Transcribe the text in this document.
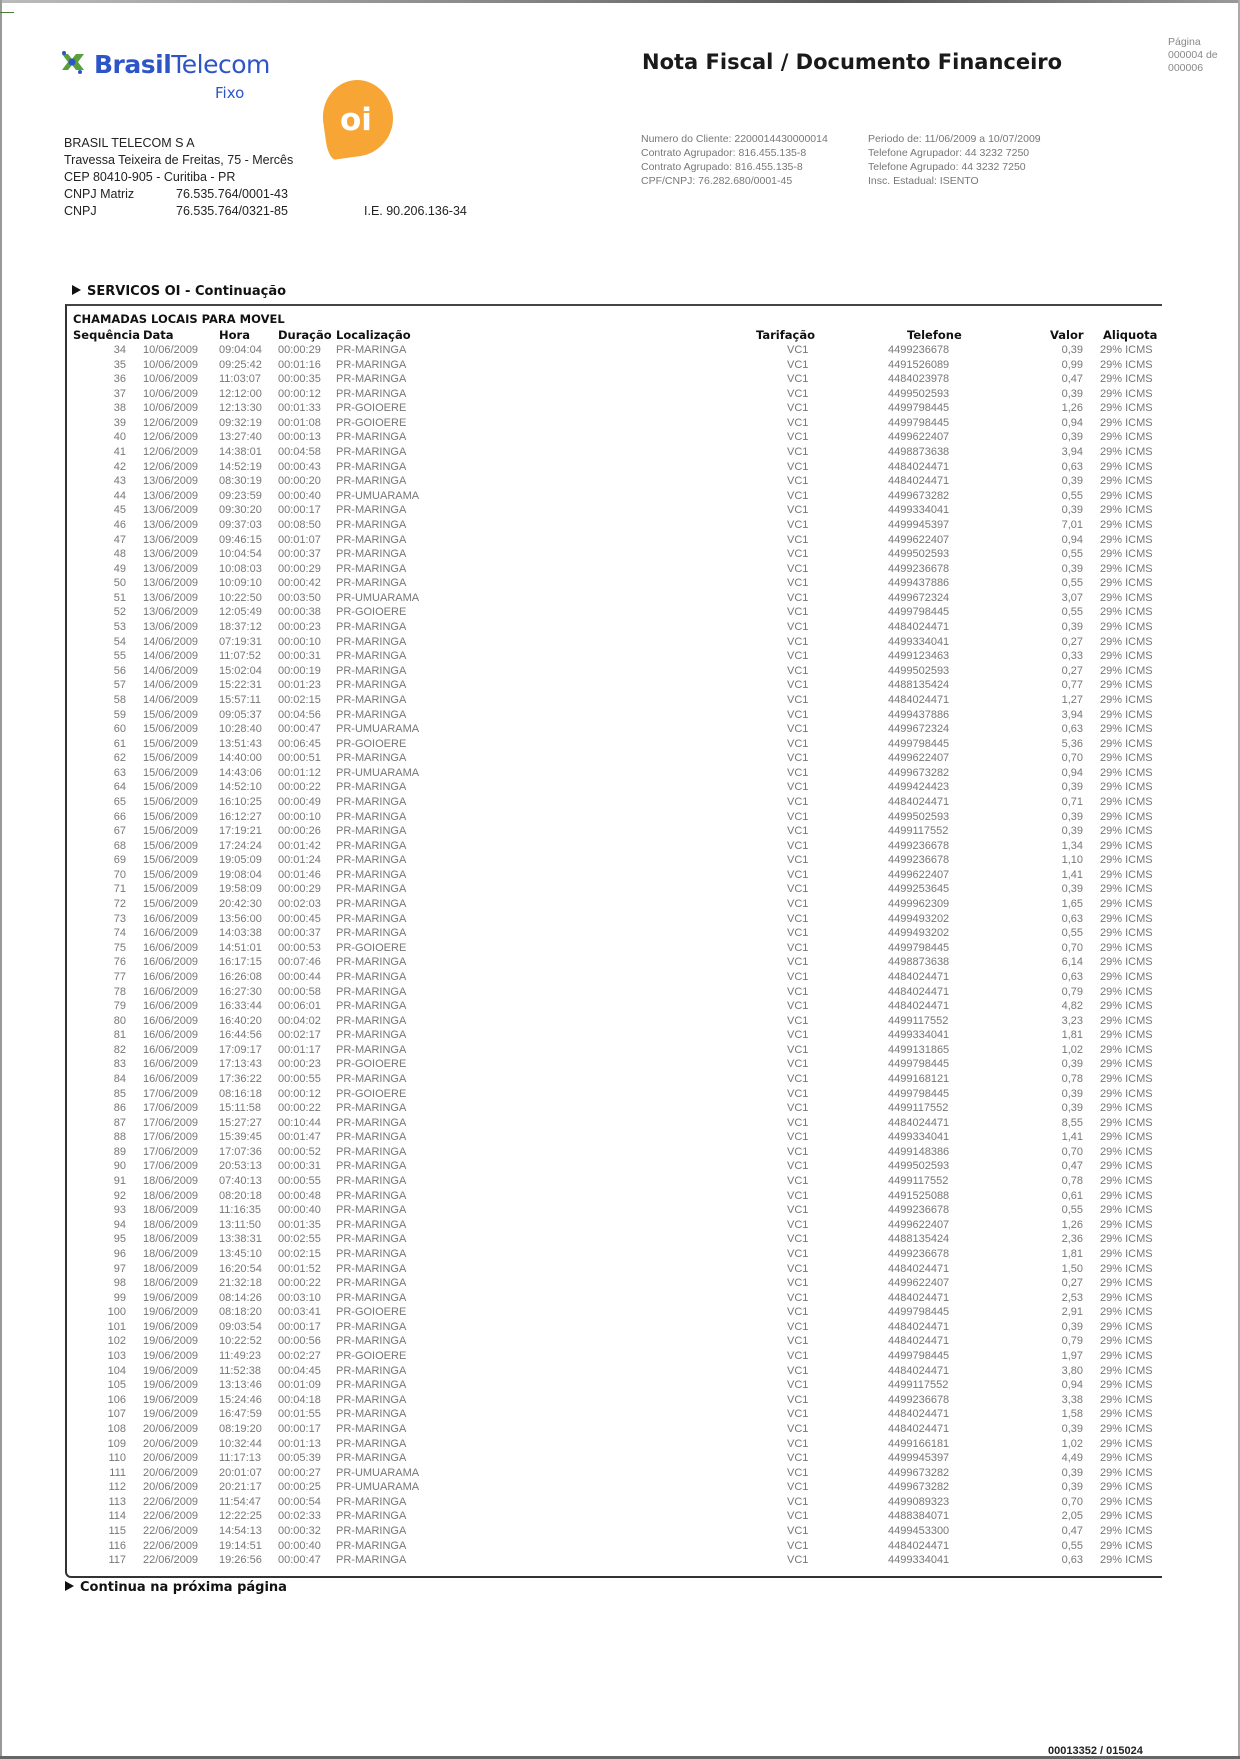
BrasilTelecom
Fixo
oi
BRASIL TELECOM S A
Travessa Teixeira de Freitas, 75 - Mercês
CEP 80410-905 - Curitiba - PR
CNPJ Matriz	76.535.764/0001-43
CNPJ	76.535.764/0321-85	I.E. 90.206.136-34
Nota Fiscal / Documento Financeiro
Página
000004 de
000006
Numero do Cliente: 2200014430000014
Contrato Agrupador: 816.455.135-8
Contrato Agrupado: 816.455.135-8
CPF/CNPJ: 76.282.680/0001-45
Periodo de: 11/06/2009 a 10/07/2009
Telefone Agrupador: 44 3232 7250
Telefone Agrupado: 44 3232 7250
Insc. Estadual: ISENTO
SERVICOS OI - Continuação
CHAMADAS LOCAIS PARA MOVEL
Sequência Data	Hora Duração Localização	Tarifação	Telefone	Valor Aliquota
34 10/06/2009 09:04:04 00:00:29 PR-MARINGA	VC1	4499236678	0,39 29% ICMS
35 10/06/2009 09:25:42 00:01:16 PR-MARINGA	VC1	4491526089	0,99 29% ICMS
36 10/06/2009 11:03:07 00:00:35 PR-MARINGA	VC1	4484023978	0,47 29% ICMS
37 10/06/2009 12:12:00 00:00:12 PR-MARINGA	VC1	4499502593	0,39 29% ICMS
38 10/06/2009 12:13:30 00:01:33 PR-GOIOERE	VC1	4499798445	1,26 29% ICMS
39 12/06/2009 09:32:19 00:01:08 PR-GOIOERE	VC1	4499798445	0,94 29% ICMS
40 12/06/2009 13:27:40 00:00:13 PR-MARINGA	VC1	4499622407	0,39 29% ICMS
41 12/06/2009 14:38:01 00:04:58 PR-MARINGA	VC1	4498873638	3,94 29% ICMS
42 12/06/2009 14:52:19 00:00:43 PR-MARINGA	VC1	4484024471	0,63 29% ICMS
43 13/06/2009 08:30:19 00:00:20 PR-MARINGA	VC1	4484024471	0,39 29% ICMS
44 13/06/2009 09:23:59 00:00:40 PR-UMUARAMA	VC1	4499673282	0,55 29% ICMS
45 13/06/2009 09:30:20 00:00:17 PR-MARINGA	VC1	4499334041	0,39 29% ICMS
46 13/06/2009 09:37:03 00:08:50 PR-MARINGA	VC1	4499945397	7,01 29% ICMS
47 13/06/2009 09:46:15 00:01:07 PR-MARINGA	VC1	4499622407	0,94 29% ICMS
48 13/06/2009 10:04:54 00:00:37 PR-MARINGA	VC1	4499502593	0,55 29% ICMS
49 13/06/2009 10:08:03 00:00:29 PR-MARINGA	VC1	4499236678	0,39 29% ICMS
50 13/06/2009 10:09:10 00:00:42 PR-MARINGA	VC1	4499437886	0,55 29% ICMS
51 13/06/2009 10:22:50 00:03:50 PR-UMUARAMA	VC1	4499672324	3,07 29% ICMS
52 13/06/2009 12:05:49 00:00:38 PR-GOIOERE	VC1	4499798445	0,55 29% ICMS
53 13/06/2009 18:37:12 00:00:23 PR-MARINGA	VC1	4484024471	0,39 29% ICMS
54 14/06/2009 07:19:31 00:00:10 PR-MARINGA	VC1	4499334041	0,27 29% ICMS
55 14/06/2009 11:07:52 00:00:31 PR-MARINGA	VC1	4499123463	0,33 29% ICMS
56 14/06/2009 15:02:04 00:00:19 PR-MARINGA	VC1	4499502593	0,27 29% ICMS
57 14/06/2009 15:22:31 00:01:23 PR-MARINGA	VC1	4488135424	0,77 29% ICMS
58 14/06/2009 15:57:11 00:02:15 PR-MARINGA	VC1	4484024471	1,27 29% ICMS
59 15/06/2009 09:05:37 00:04:56 PR-MARINGA	VC1	4499437886	3,94 29% ICMS
60 15/06/2009 10:28:40 00:00:47 PR-UMUARAMA	VC1	4499672324	0,63 29% ICMS
61 15/06/2009 13:51:43 00:06:45 PR-GOIOERE	VC1	4499798445	5,36 29% ICMS
62 15/06/2009 14:40:00 00:00:51 PR-MARINGA	VC1	4499622407	0,70 29% ICMS
63 15/06/2009 14:43:06 00:01:12 PR-UMUARAMA	VC1	4499673282	0,94 29% ICMS
64 15/06/2009 14:52:10 00:00:22 PR-MARINGA	VC1	4499424423	0,39 29% ICMS
65 15/06/2009 16:10:25 00:00:49 PR-MARINGA	VC1	4484024471	0,71 29% ICMS
66 15/06/2009 16:12:27 00:00:10 PR-MARINGA	VC1	4499502593	0,39 29% ICMS
67 15/06/2009 17:19:21 00:00:26 PR-MARINGA	VC1	4499117552	0,39 29% ICMS
68 15/06/2009 17:24:24 00:01:42 PR-MARINGA	VC1	4499236678	1,34 29% ICMS
69 15/06/2009 19:05:09 00:01:24 PR-MARINGA	VC1	4499236678	1,10 29% ICMS
70 15/06/2009 19:08:04 00:01:46 PR-MARINGA	VC1	4499622407	1,41 29% ICMS
71 15/06/2009 19:58:09 00:00:29 PR-MARINGA	VC1	4499253645	0,39 29% ICMS
72 15/06/2009 20:42:30 00:02:03 PR-MARINGA	VC1	4499962309	1,65 29% ICMS
73 16/06/2009 13:56:00 00:00:45 PR-MARINGA	VC1	4499493202	0,63 29% ICMS
74 16/06/2009 14:03:38 00:00:37 PR-MARINGA	VC1	4499493202	0,55 29% ICMS
75 16/06/2009 14:51:01 00:00:53 PR-GOIOERE	VC1	4499798445	0,70 29% ICMS
76 16/06/2009 16:17:15 00:07:46 PR-MARINGA	VC1	4498873638	6,14 29% ICMS
77 16/06/2009 16:26:08 00:00:44 PR-MARINGA	VC1	4484024471	0,63 29% ICMS
78 16/06/2009 16:27:30 00:00:58 PR-MARINGA	VC1	4484024471	0,79 29% ICMS
79 16/06/2009 16:33:44 00:06:01 PR-MARINGA	VC1	4484024471	4,82 29% ICMS
80 16/06/2009 16:40:20 00:04:02 PR-MARINGA	VC1	4499117552	3,23 29% ICMS
81 16/06/2009 16:44:56 00:02:17 PR-MARINGA	VC1	4499334041	1,81 29% ICMS
82 16/06/2009 17:09:17 00:01:17 PR-MARINGA	VC1	4499131865	1,02 29% ICMS
83 16/06/2009 17:13:43 00:00:23 PR-GOIOERE	VC1	4499798445	0,39 29% ICMS
84 16/06/2009 17:36:22 00:00:55 PR-MARINGA	VC1	4499168121	0,78 29% ICMS
85 17/06/2009 08:16:18 00:00:12 PR-GOIOERE	VC1	4499798445	0,39 29% ICMS
86 17/06/2009 15:11:58 00:00:22 PR-MARINGA	VC1	4499117552	0,39 29% ICMS
87 17/06/2009 15:27:27 00:10:44 PR-MARINGA	VC1	4484024471	8,55 29% ICMS
88 17/06/2009 15:39:45 00:01:47 PR-MARINGA	VC1	4499334041	1,41 29% ICMS
89 17/06/2009 17:07:36 00:00:52 PR-MARINGA	VC1	4499148386	0,70 29% ICMS
90 17/06/2009 20:53:13 00:00:31 PR-MARINGA	VC1	4499502593	0,47 29% ICMS
91 18/06/2009 07:40:13 00:00:55 PR-MARINGA	VC1	4499117552	0,78 29% ICMS
92 18/06/2009 08:20:18 00:00:48 PR-MARINGA	VC1	4491525088	0,61 29% ICMS
93 18/06/2009 11:16:35 00:00:40 PR-MARINGA	VC1	4499236678	0,55 29% ICMS
94 18/06/2009 13:11:50 00:01:35 PR-MARINGA	VC1	4499622407	1,26 29% ICMS
95 18/06/2009 13:38:31 00:02:55 PR-MARINGA	VC1	4488135424	2,36 29% ICMS
96 18/06/2009 13:45:10 00:02:15 PR-MARINGA	VC1	4499236678	1,81 29% ICMS
97 18/06/2009 16:20:54 00:01:52 PR-MARINGA	VC1	4484024471	1,50 29% ICMS
98 18/06/2009 21:32:18 00:00:22 PR-MARINGA	VC1	4499622407	0,27 29% ICMS
99 19/06/2009 08:14:26 00:03:10 PR-MARINGA	VC1	4484024471	2,53 29% ICMS
100 19/06/2009 08:18:20 00:03:41 PR-GOIOERE	VC1	4499798445	2,91 29% ICMS
101 19/06/2009 09:03:54 00:00:17 PR-MARINGA	VC1	4484024471	0,39 29% ICMS
102 19/06/2009 10:22:52 00:00:56 PR-MARINGA	VC1	4484024471	0,79 29% ICMS
103 19/06/2009 11:49:23 00:02:27 PR-GOIOERE	VC1	4499798445	1,97 29% ICMS
104 19/06/2009 11:52:38 00:04:45 PR-MARINGA	VC1	4484024471	3,80 29% ICMS
105 19/06/2009 13:13:46 00:01:09 PR-MARINGA	VC1	4499117552	0,94 29% ICMS
106 19/06/2009 15:24:46 00:04:18 PR-MARINGA	VC1	4499236678	3,38 29% ICMS
107 19/06/2009 16:47:59 00:01:55 PR-MARINGA	VC1	4484024471	1,58 29% ICMS
108 20/06/2009 08:19:20 00:00:17 PR-MARINGA	VC1	4484024471	0,39 29% ICMS
109 20/06/2009 10:32:44 00:01:13 PR-MARINGA	VC1	4499166181	1,02 29% ICMS
110 20/06/2009 11:17:13 00:05:39 PR-MARINGA	VC1	4499945397	4,49 29% ICMS
111 20/06/2009 20:01:07 00:00:27 PR-UMUARAMA	VC1	4499673282	0,39 29% ICMS
112 20/06/2009 20:21:17 00:00:25 PR-UMUARAMA	VC1	4499673282	0,39 29% ICMS
113 22/06/2009 11:54:47 00:00:54 PR-MARINGA	VC1	4499089323	0,70 29% ICMS
114 22/06/2009 12:22:25 00:02:33 PR-MARINGA	VC1	4488384071	2,05 29% ICMS
115 22/06/2009 14:54:13 00:00:32 PR-MARINGA	VC1	4499453300	0,47 29% ICMS
116 22/06/2009 19:14:51 00:00:40 PR-MARINGA	VC1	4484024471	0,55 29% ICMS
117 22/06/2009 19:26:56 00:00:47 PR-MARINGA	VC1	4499334041	0,63 29% ICMS
Continua na próxima página
00013352 / 015024
